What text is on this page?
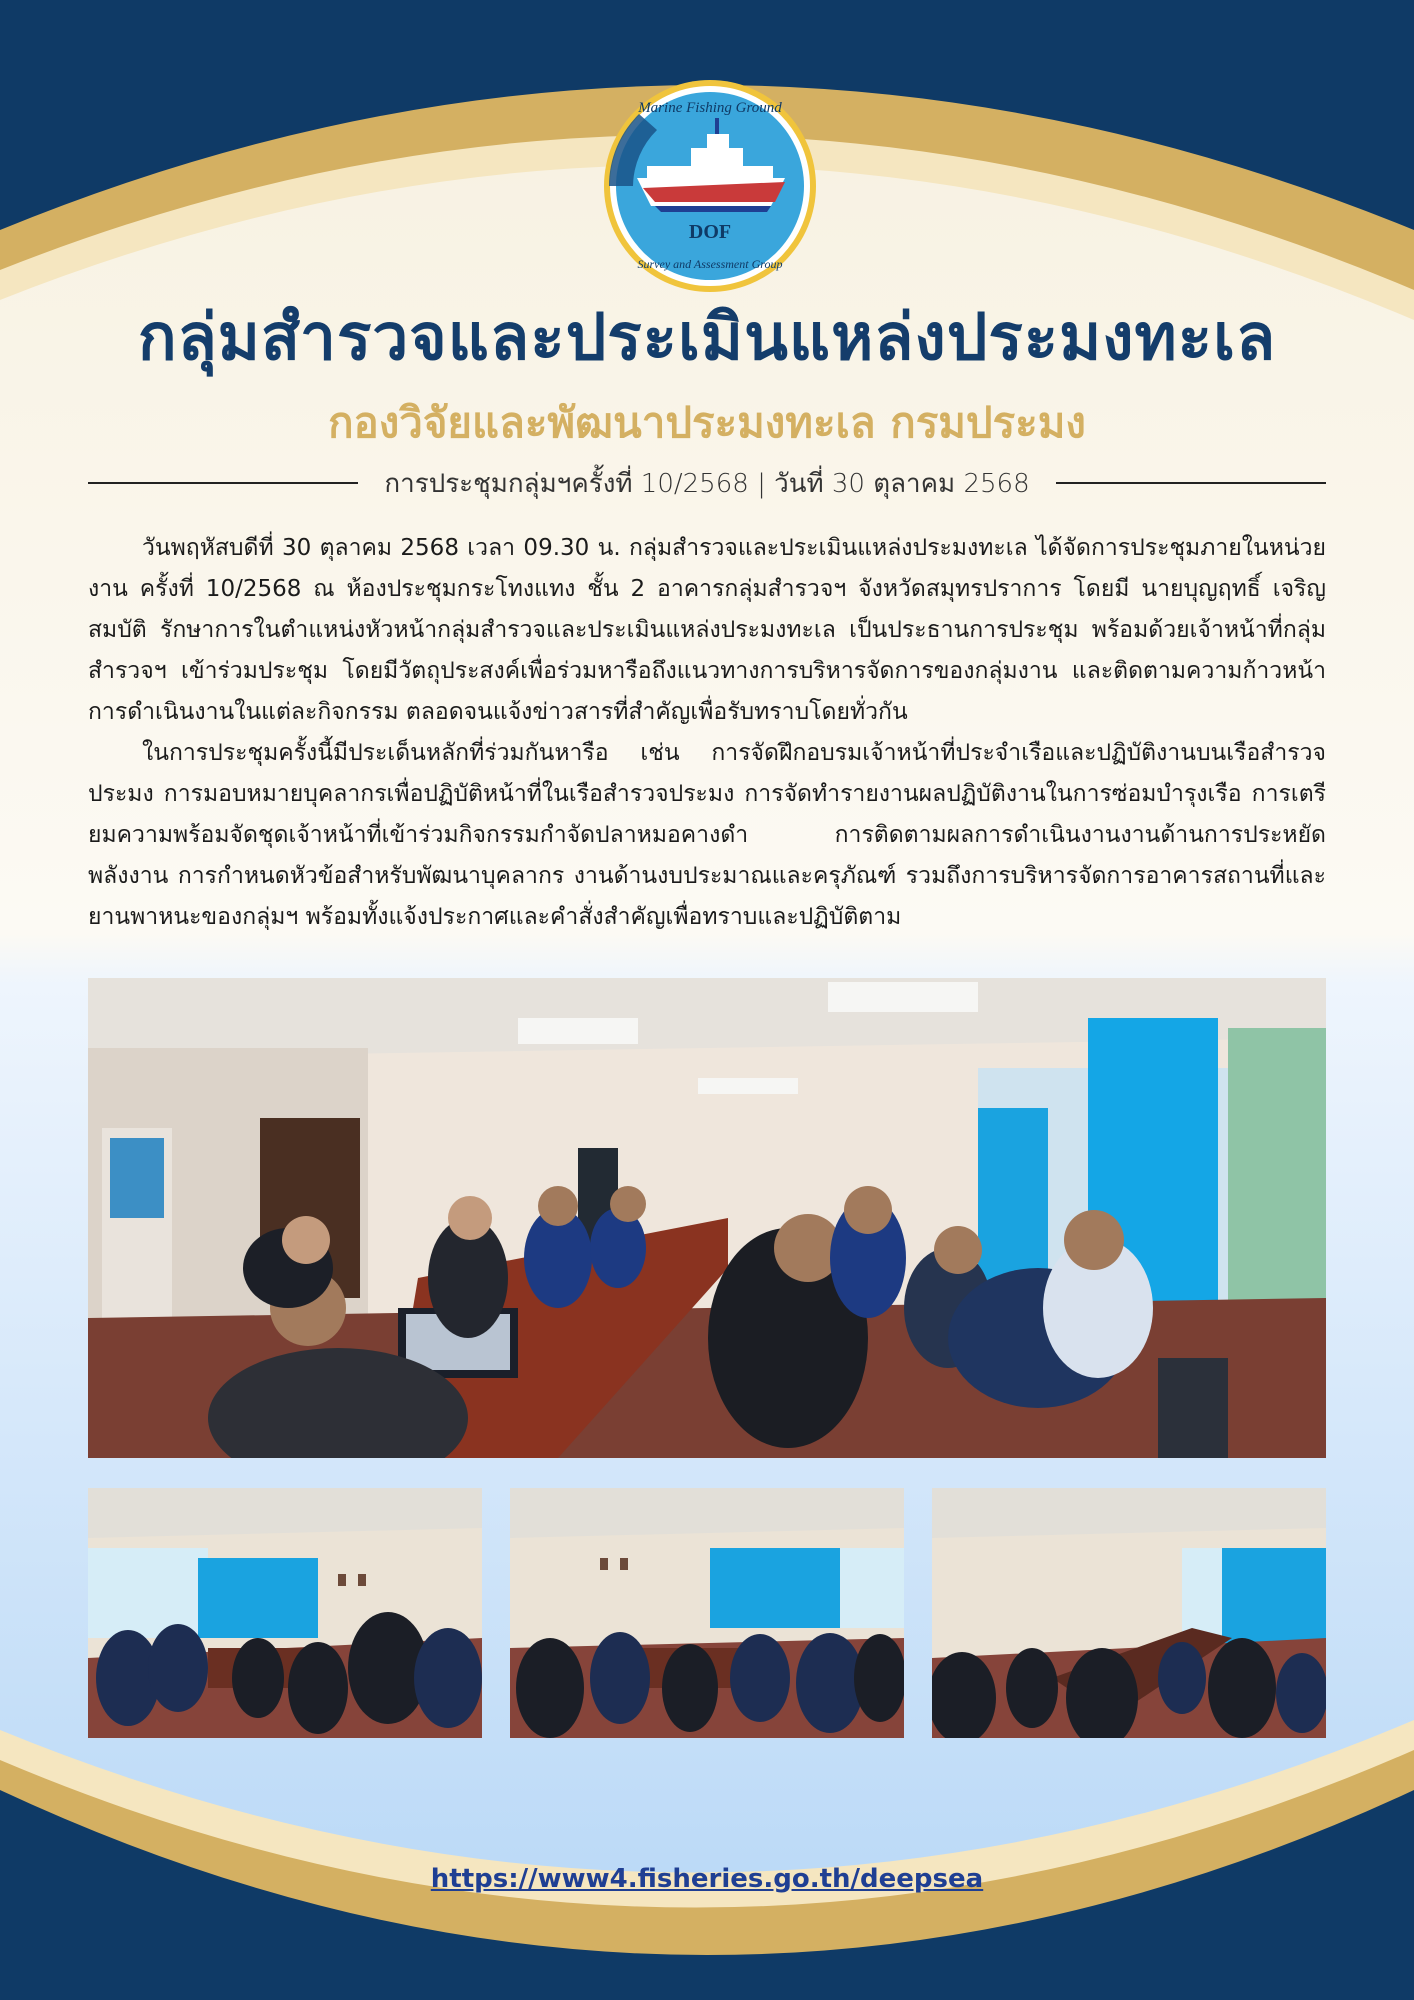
DOF
Marine Fishing Ground
Survey and Assessment Group
กลุ่มสำรวจและประเมินแหล่งประมงทะเล
กองวิจัยและพัฒนาประมงทะเล กรมประมง
การประชุมกลุ่มฯครั้งที่ 10/2568 | วันที่ 30 ตุลาคม 2568

วันพฤหัสบดีที่ 30 ตุลาคม 2568 เวลา 09.30 น. กลุ่มสำรวจและประเมินแหล่งประมงทะเล ได้จัดการประชุมภายในหน่วยงาน ครั้งที่ 10/2568 ณ ห้องประชุมกระโทงแทง ชั้น 2 อาคารกลุ่มสำรวจฯ จังหวัดสมุทรปราการ โดยมี นายบุญฤทธิ์ เจริญสมบัติ รักษาการในตำแหน่งหัวหน้ากลุ่มสำรวจและประเมินแหล่งประมงทะเล เป็นประธานการประชุม พร้อมด้วยเจ้าหน้าที่กลุ่มสำรวจฯ เข้าร่วมประชุม โดยมีวัตถุประสงค์เพื่อร่วมหารือถึงแนวทางการบริหารจัดการของกลุ่มงาน และติดตามความก้าวหน้าการดำเนินงานในแต่ละกิจกรรม ตลอดจนแจ้งข่าวสารที่สำคัญเพื่อรับทราบโดยทั่วกัน

ในการประชุมครั้งนี้มีประเด็นหลักที่ร่วมกันหารือ เช่น การจัดฝึกอบรมเจ้าหน้าที่ประจำเรือและปฏิบัติงานบนเรือสำรวจประมง การมอบหมายบุคลากรเพื่อปฏิบัติหน้าที่ในเรือสำรวจประมง การจัดทำรายงานผลปฏิบัติงานในการซ่อมบำรุงเรือ การเตรียมความพร้อมจัดชุดเจ้าหน้าที่เข้าร่วมกิจกรรมกำจัดปลาหมอคางดำ การติดตามผลการดำเนินงานงานด้านการประหยัดพลังงาน การกำหนดหัวข้อสำหรับพัฒนาบุคลากร งานด้านงบประมาณและครุภัณฑ์ รวมถึงการบริหารจัดการอาคารสถานที่และยานพาหนะของกลุ่มฯ พร้อมทั้งแจ้งประกาศและคำสั่งสำคัญเพื่อทราบและปฏิบัติตาม

https://www4.fisheries.go.th/deepsea
